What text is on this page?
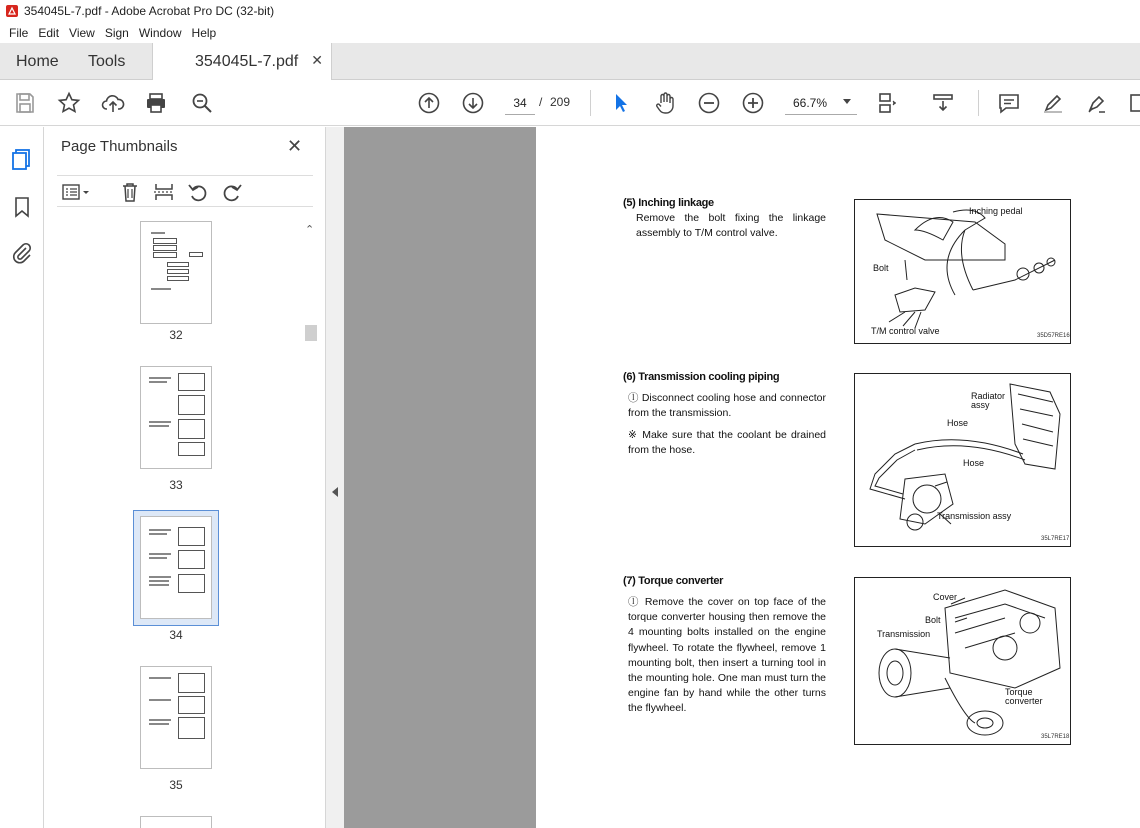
354045L-7.pdf - Adobe Acrobat Pro DC (32-bit)
File Edit View Sign Window Help
Home Tools	354045L-7.pdf ✕
34	/ 209	66.7%
Page Thumbnails	✕
32
33
34
35
⌃
(5) Inching linkage
Remove the bolt fixing the linkage assembly to T/M control valve.
Inching pedal
Bolt
T/M control valve	35D57RE16
(6) Transmission cooling piping
ⓛ Disconnect cooling hose and connector from the transmission.
※ Make sure that the coolant be drained from the hose.
Radiator assy
Hose
Hose
Transmission assy
35L7RE17
(7) Torque converter
ⓛ Remove the cover on top face of the torque converter housing then remove the 4 mounting bolts installed on the engine flywheel. To rotate the flywheel, remove 1 mounting bolt, then insert a turning tool in the mounting hole. One man must turn the engine fan by hand while the other turns the flywheel.
Cover
Bolt
Transmission
Torque converter
35L7RE18
